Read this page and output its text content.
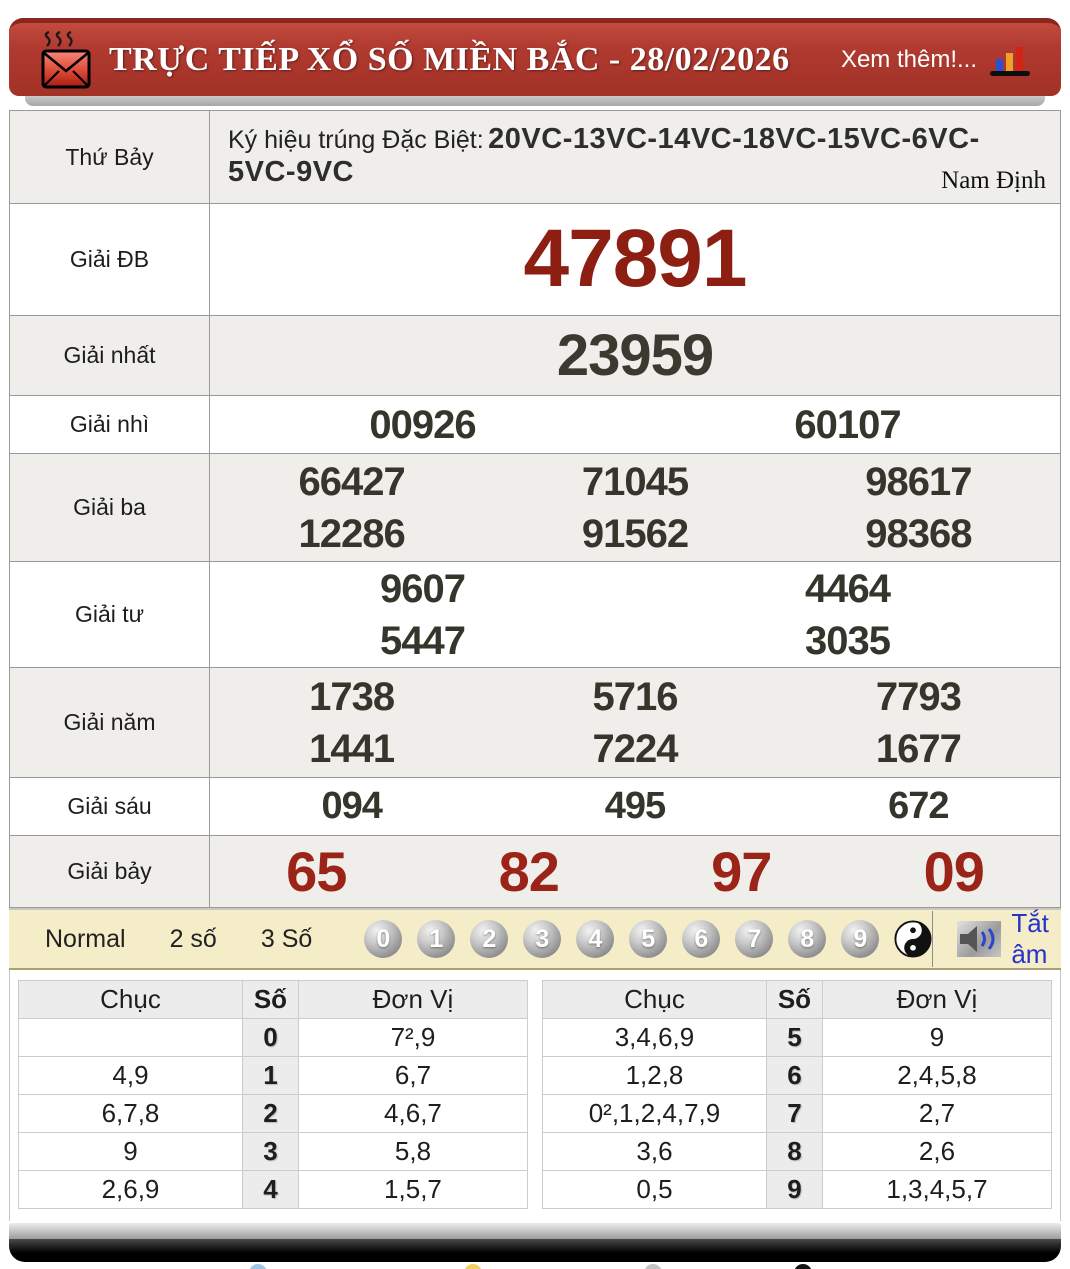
TRỰC TIẾP XỔ SỐ MIỀN BẮC - 28/02/2026 Xem thêm!...
Thứ Bảy	Ký hiệu trúng Đặc Biệt: 20VC-13VC-14VC-18VC-15VC-6VC-5VC-9VC Nam Định

Giải ĐB	47891

Giải nhất	23959

Giải nhì	00926 60107

Giải ba	
66427	71045	98617
12286	91562	98368

Giải tư	9607 4464
5447 3035

Giải năm	
1738	5716	7793
1441	7224	1677

Giải sáu	094 495 672

Giải bảy	65 82 97 09
Normal	2 số	3 Số	0	1	2	3	4	5	6	7	8	9
Tắt âm
Chục	Số	Đơn Vị
	0	7²,9
4,9	1	6,7
6,7,8	2	4,6,7
9	3	5,8
2,6,9	4	1,5,7
Chục	Số	Đơn Vị
3,4,6,9	5	9
1,2,8	6	2,4,5,8
0²,1,2,4,7,9	7	2,7
3,6	8	2,6
0,5	9	1,3,4,5,7
